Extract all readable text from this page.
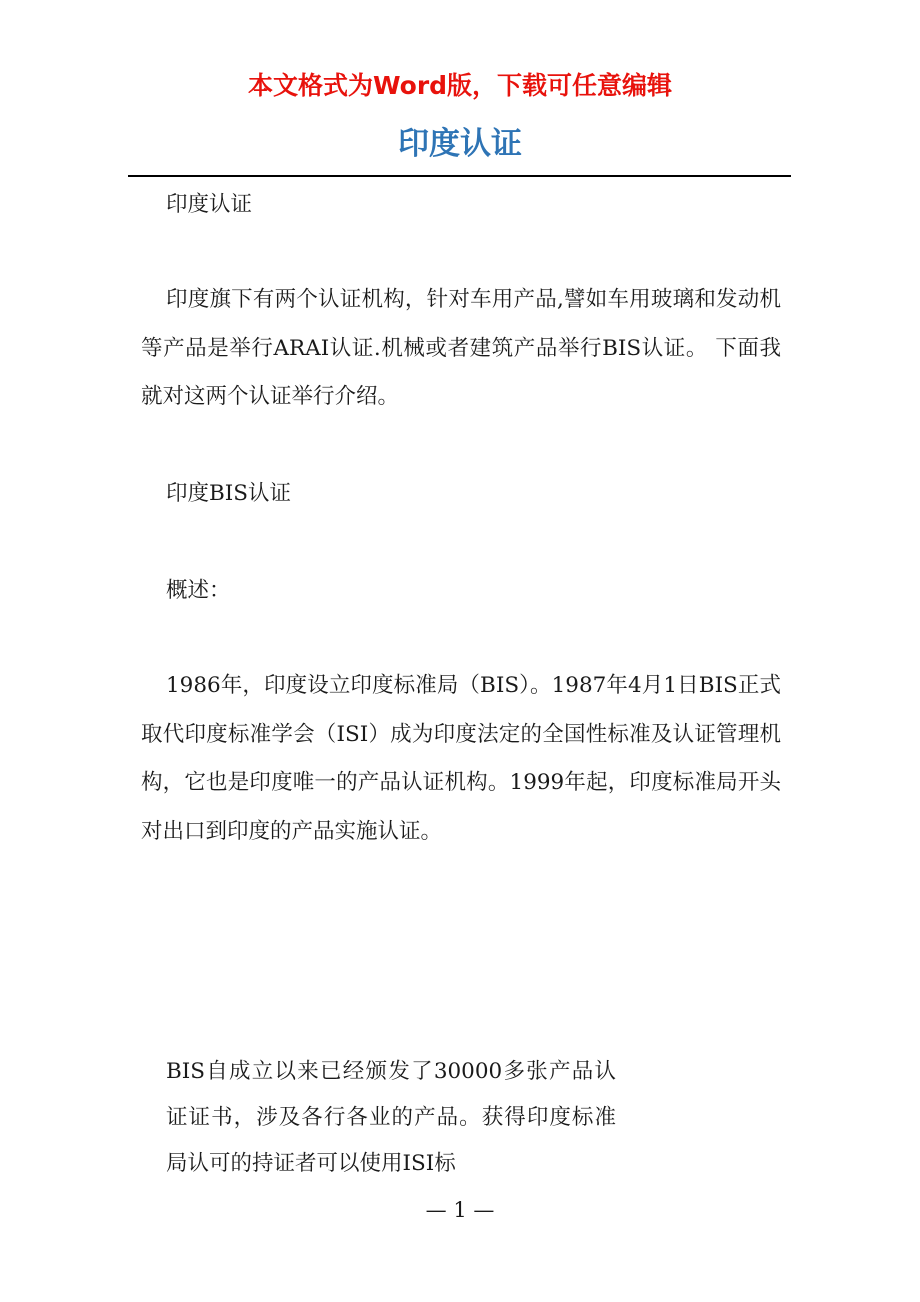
本文格式为Word版，下载可任意编辑
印度认证

印度认证

印度旗下有两个认证机构，针对车用产品,譬如车用玻璃和发动机等产品是举行ARAI认证.机械或者建筑产品举行BIS认证。 下面我就对这两个认证举行介绍。

印度BIS认证

概述：

1986年，印度设立印度标准局（BIS）。1987年4月1日BIS正式取代印度标准学会（ISI）成为印度法定的全国性标准及认证管理机构，它也是印度唯一的产品认证机构。1999年起，印度标准局开头对出口到印度的产品实施认证。

BIS自成立以来已经颁发了30000多张产品认证证书，涉及各行各业的产品。获得印度标准局认可的持证者可以使用ISI标

— 1 —
